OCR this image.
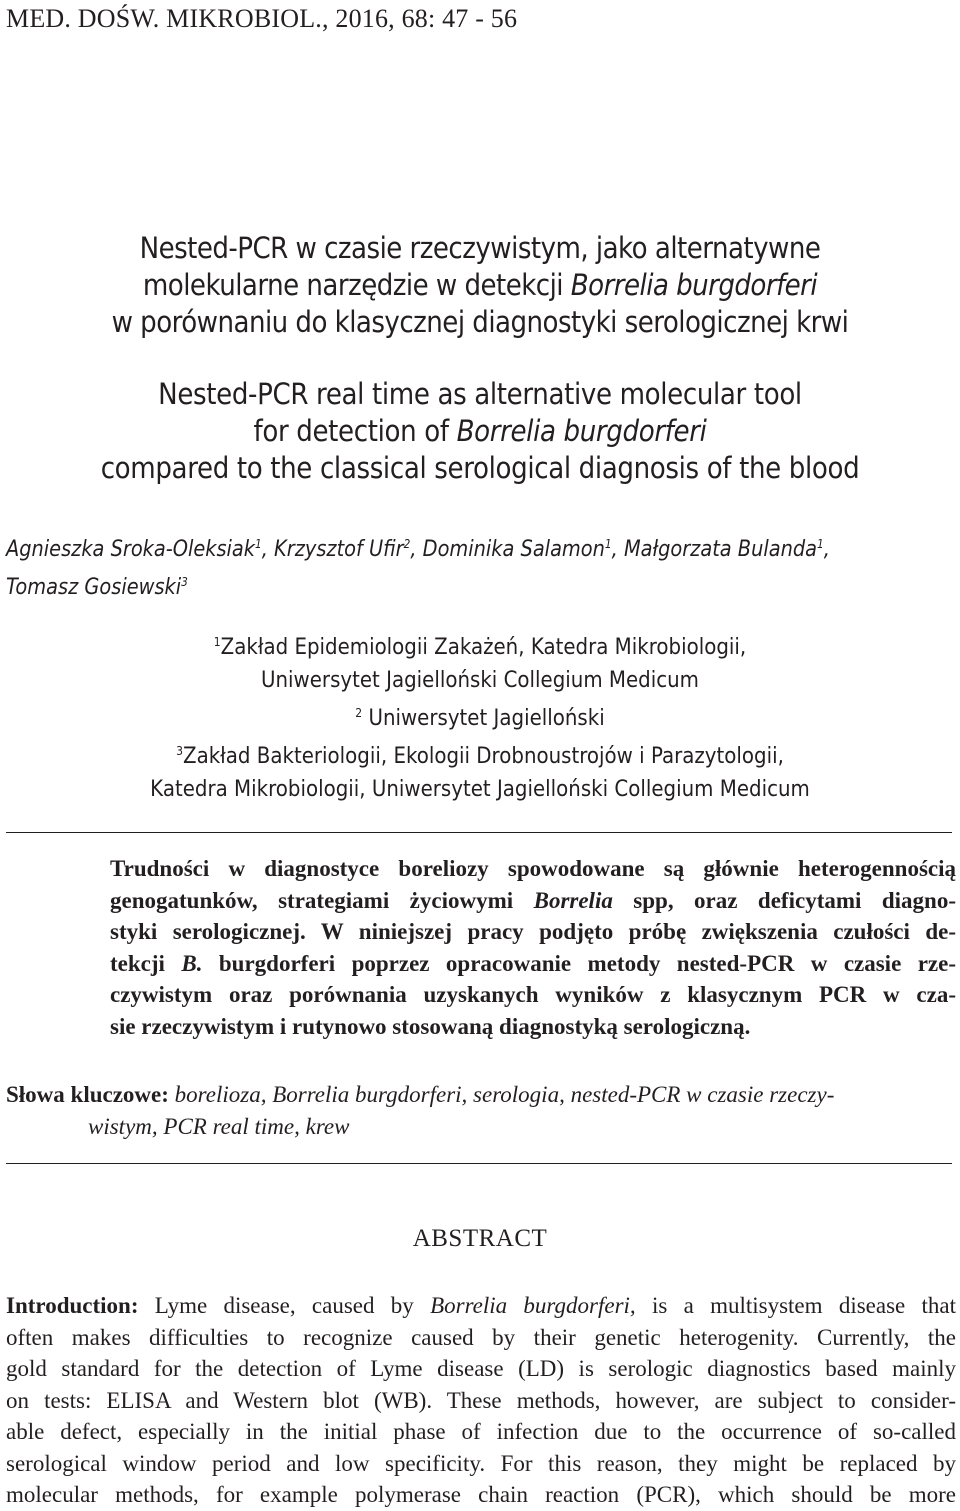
MED. DOŚW. MIKROBIOL., 2016, 68: 47 - 56
Nested-PCR w czasie rzeczywistym, jako alternatywne
molekularne narzędzie w detekcji Borrelia burgdorferi
w porównaniu do klasycznej diagnostyki serologicznej krwi
Nested-PCR real time as alternative molecular tool
for detection of Borrelia burgdorferi
compared to the classical serological diagnosis of the blood
Agnieszka Sroka-Oleksiak$^1$, Krzysztof Ufir$^2$, Dominika Salamon$^1$, Małgorzata Bulanda$^1$,
Tomasz Gosiewski$^3$
$^1$Zakład Epidemiologii Zakażeń, Katedra Mikrobiologii,
Uniwersytet Jagielloński Collegium Medicum
$^2$ Uniwersytet Jagielloński
$^3$Zakład Bakteriologii, Ekologii Drobnoustrojów i Parazytologii,
Katedra Mikrobiologii, Uniwersytet Jagielloński Collegium Medicum
Trudności w diagnostyce boreliozy spowodowane są głównie heterogennością
genogatunków, strategiami życiowymi Borrelia spp, oraz deficytami diagno-
styki serologicznej. W niniejszej pracy podjęto próbę zwiększenia czułości de-
tekcji B. burgdorferi poprzez opracowanie metody nested-PCR w czasie rze-
czywistym oraz porównania uzyskanych wyników z klasycznym PCR w cza-
sie rzeczywistym i rutynowo stosowaną diagnostyką serologiczną.
Słowa kluczowe: borelioza, Borrelia burgdorferi, serologia, nested-PCR w czasie rzeczy-
wistym, PCR real time, krew
ABSTRACT
Introduction: Lyme disease, caused by Borrelia burgdorferi, is a multisystem disease that
often makes difficulties to recognize caused by their genetic heterogenity. Currently, the
gold standard for the detection of Lyme disease (LD) is serologic diagnostics based mainly
on tests: ELISA and Western blot (WB). These methods, however, are subject to consider-
able defect, especially in the initial phase of infection due to the occurrence of so-called
serological window period and low specificity. For this reason, they might be replaced by
molecular methods, for example polymerase chain reaction (PCR), which should be more
